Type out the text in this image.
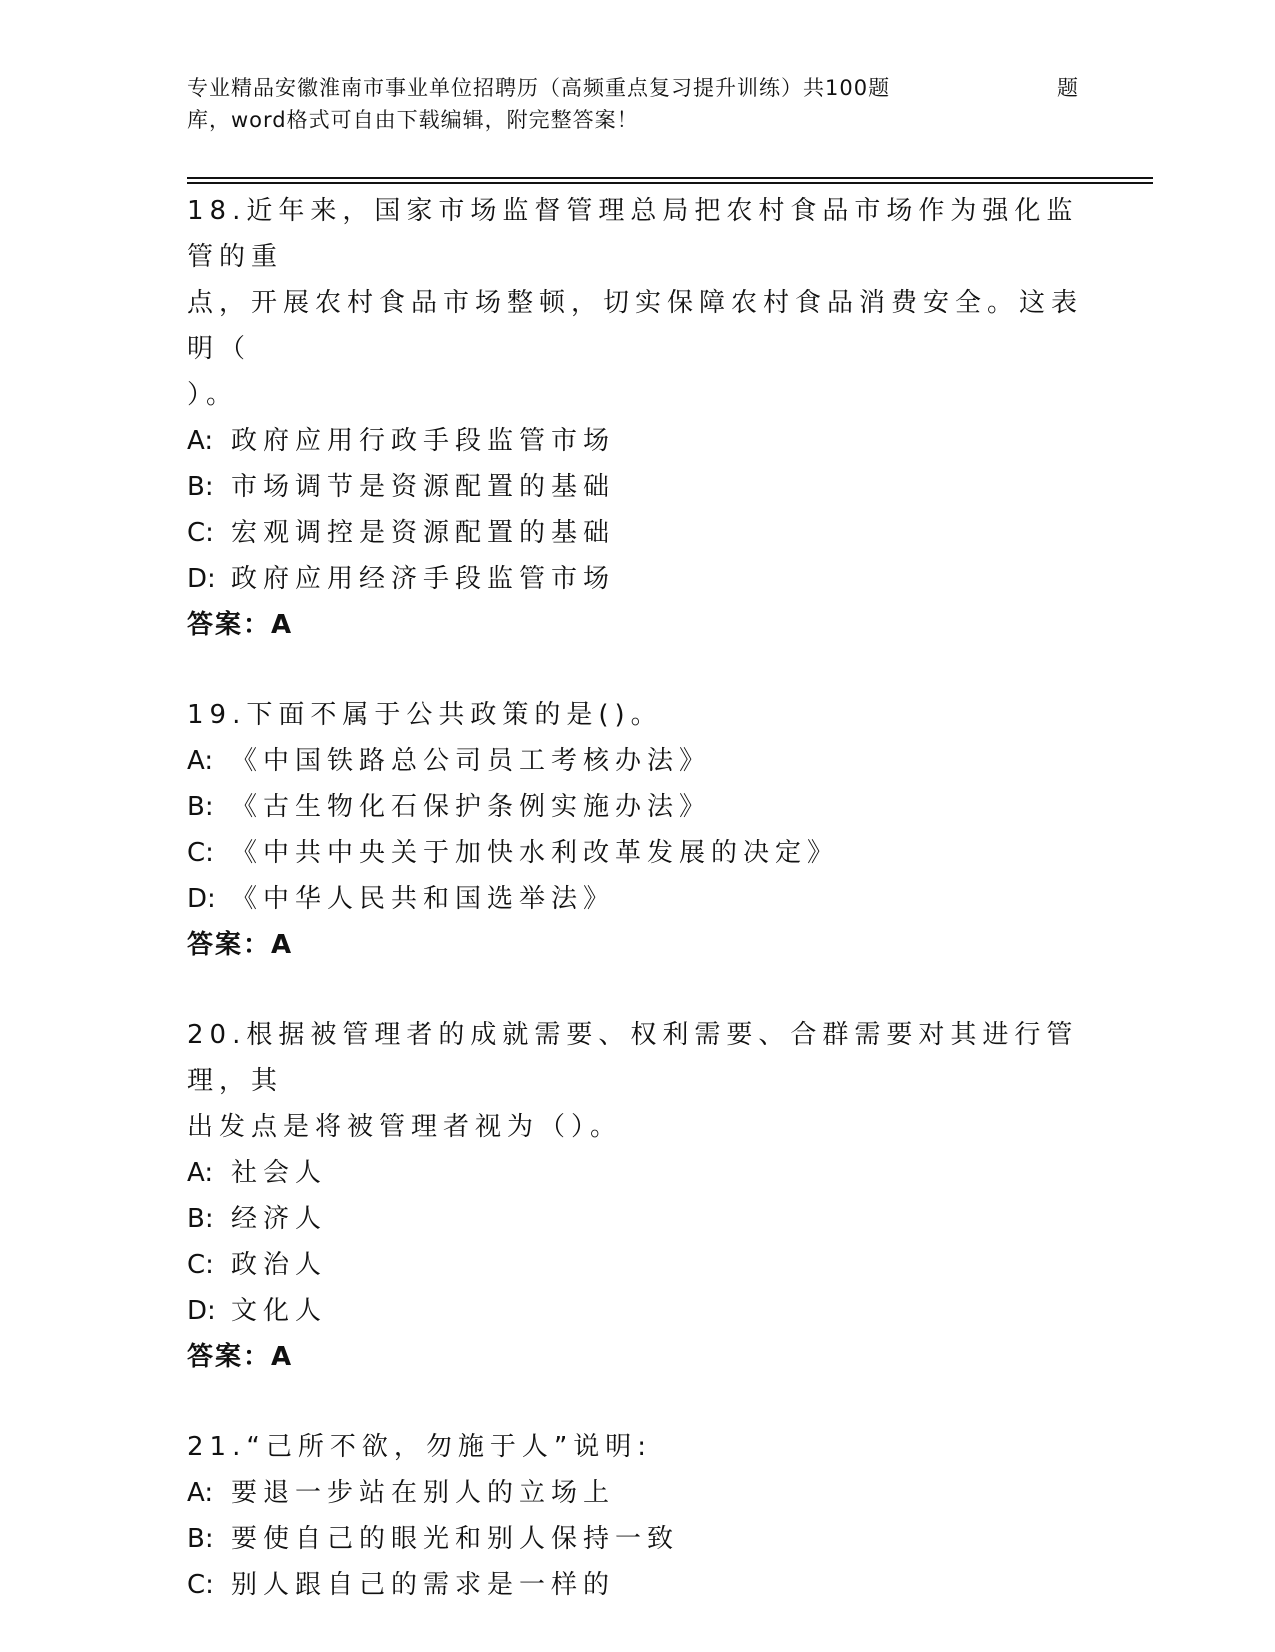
专业精品安徽淮南市事业单位招聘历（高频重点复习提升训练）共100题	题
库，word格式可自由下载编辑，附完整答案！
18.近年来，国家市场监督管理总局把农村食品市场作为强化监管的重
点，开展农村食品市场整顿，切实保障农村食品消费安全。这表明（
）。
A: 政府应用行政手段监管市场
B: 市场调节是资源配置的基础
C: 宏观调控是资源配置的基础
D: 政府应用经济手段监管市场
答案：A
19.下面不属于公共政策的是()。
A: 《中国铁路总公司员工考核办法》
B: 《古生物化石保护条例实施办法》
C: 《中共中央关于加快水利改革发展的决定》
D: 《中华人民共和国选举法》
答案：A
20.根据被管理者的成就需要、权利需要、合群需要对其进行管理，其
出发点是将被管理者视为（）。
A: 社会人
B: 经济人
C: 政治人
D: 文化人
答案：A
21.“己所不欲，勿施于人”说明:
A: 要退一步站在别人的立场上
B: 要使自己的眼光和别人保持一致
C: 别人跟自己的需求是一样的
